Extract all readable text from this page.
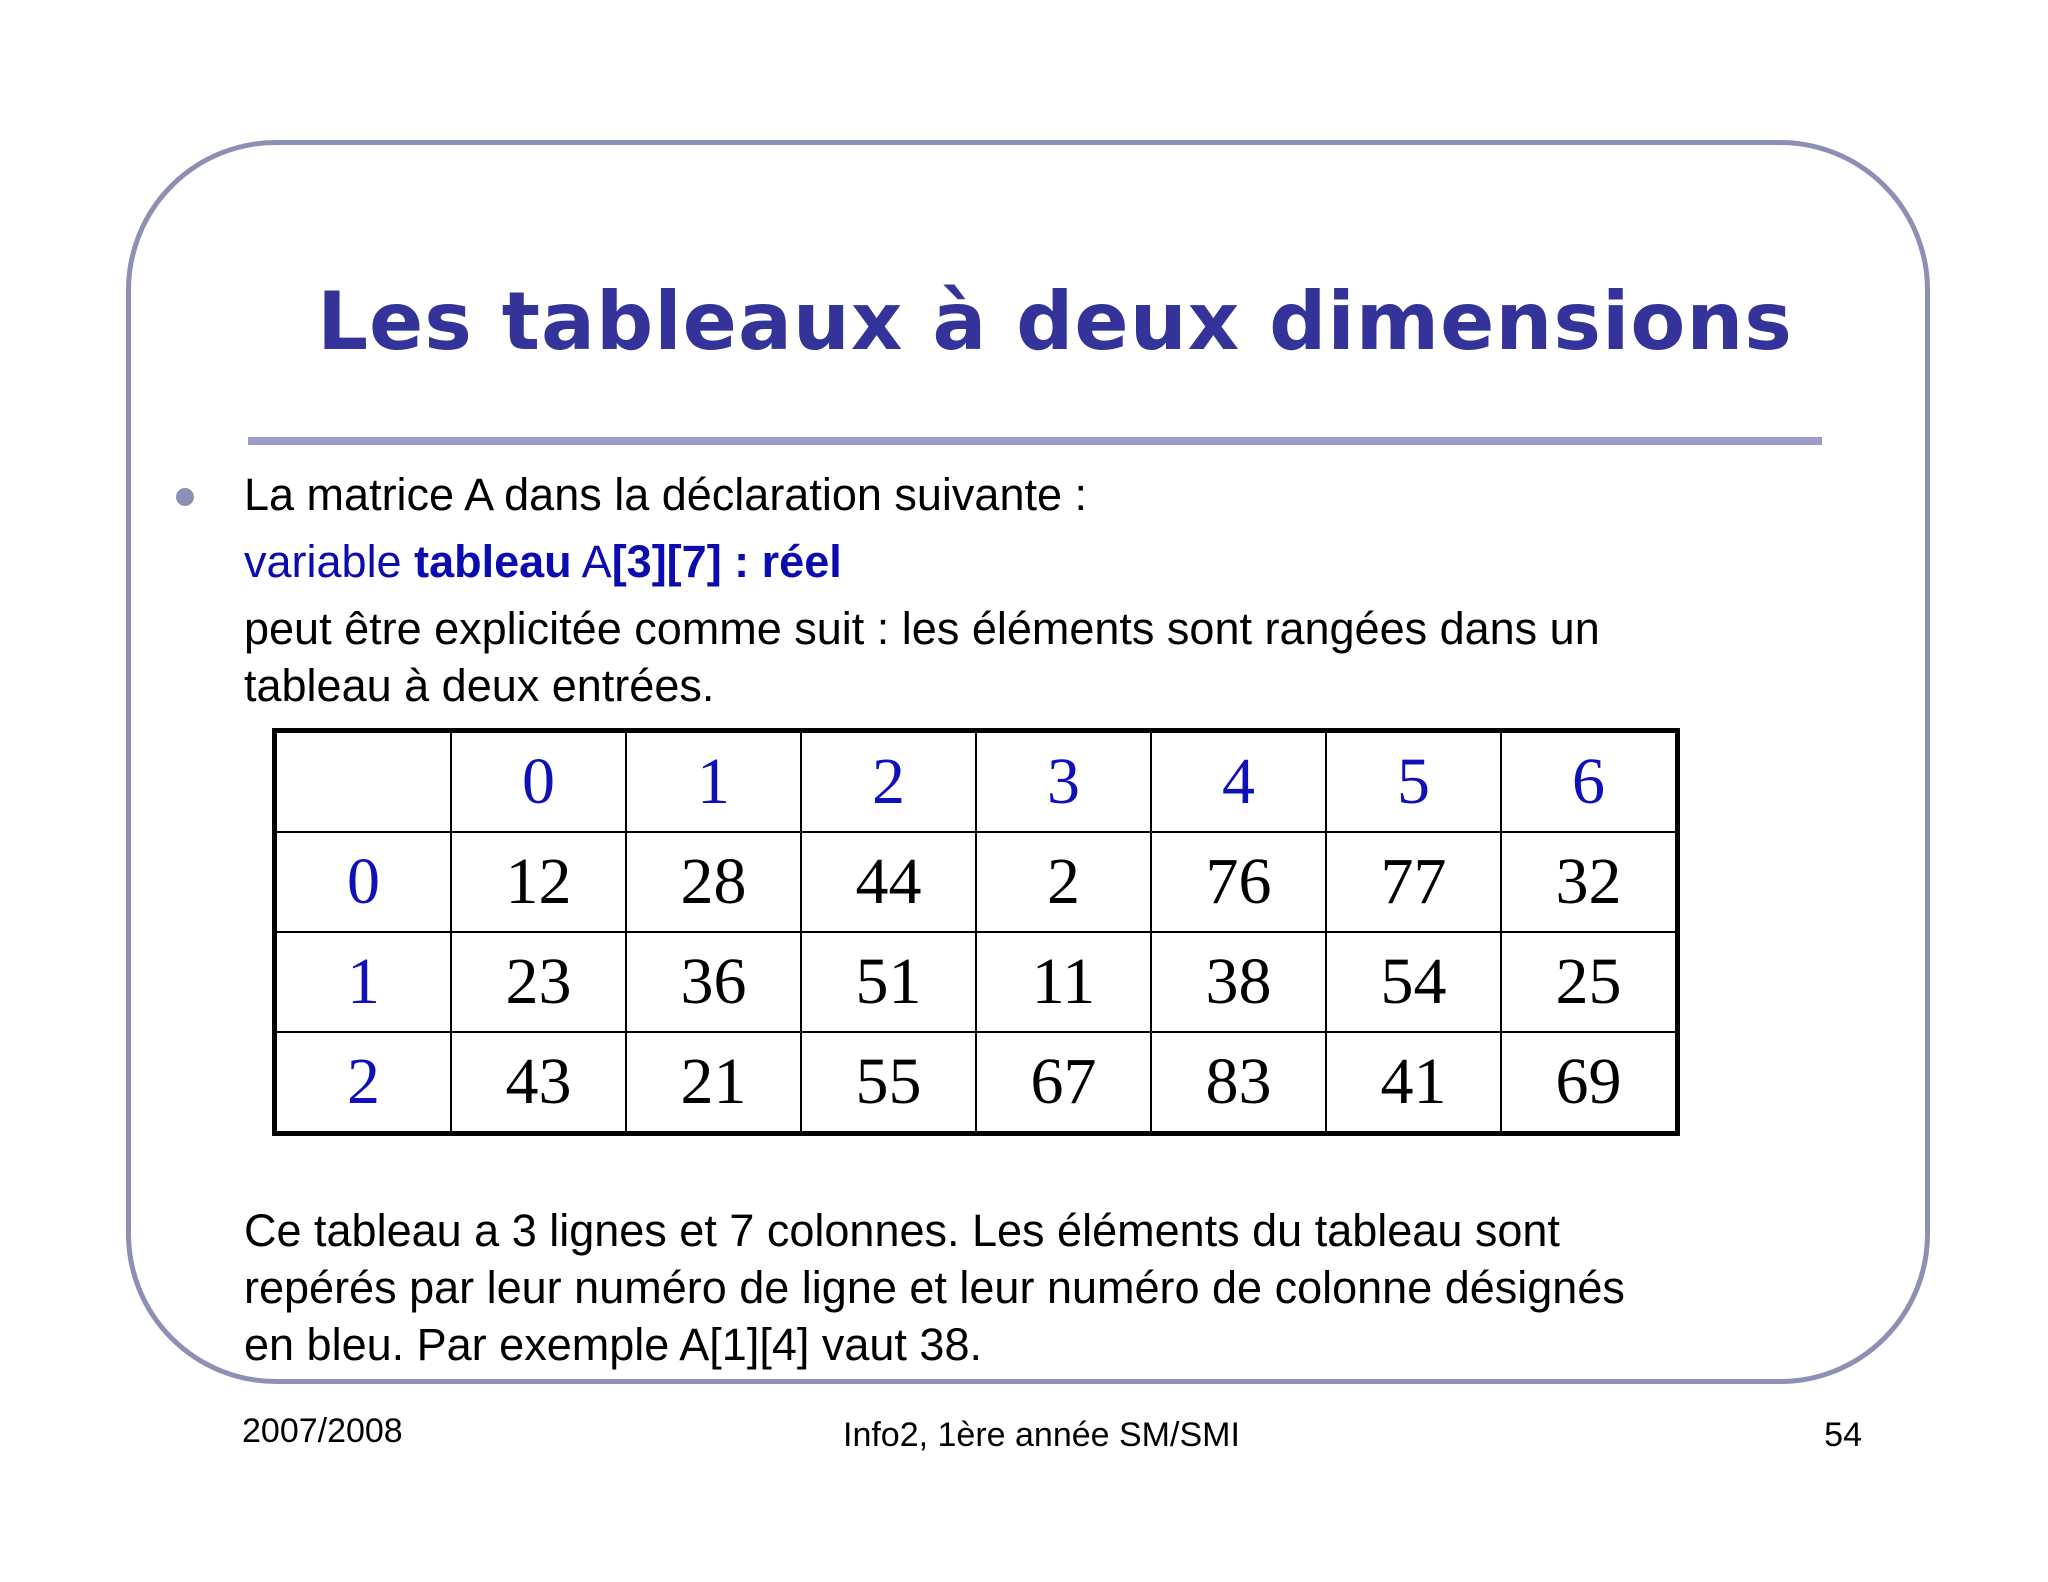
Les tableaux à deux dimensions
La matrice A dans la déclaration suivante :
variable tableau A[3][7] : réel
peut être explicitée comme suit : les éléments sont rangées dans un
tableau à deux entrées.
	0	1	2	3	4	5	6
0	12	28	44	2	76	77	32
1	23	36	51	11	38	54	25
2	43	21	55	67	83	41	69
Ce tableau a 3 lignes et 7 colonnes. Les éléments du tableau sont
repérés par leur numéro de ligne et leur numéro de colonne désignés
en bleu. Par exemple A[1][4] vaut 38.
2007/2008	Info2, 1ère année SM/SMI	54
